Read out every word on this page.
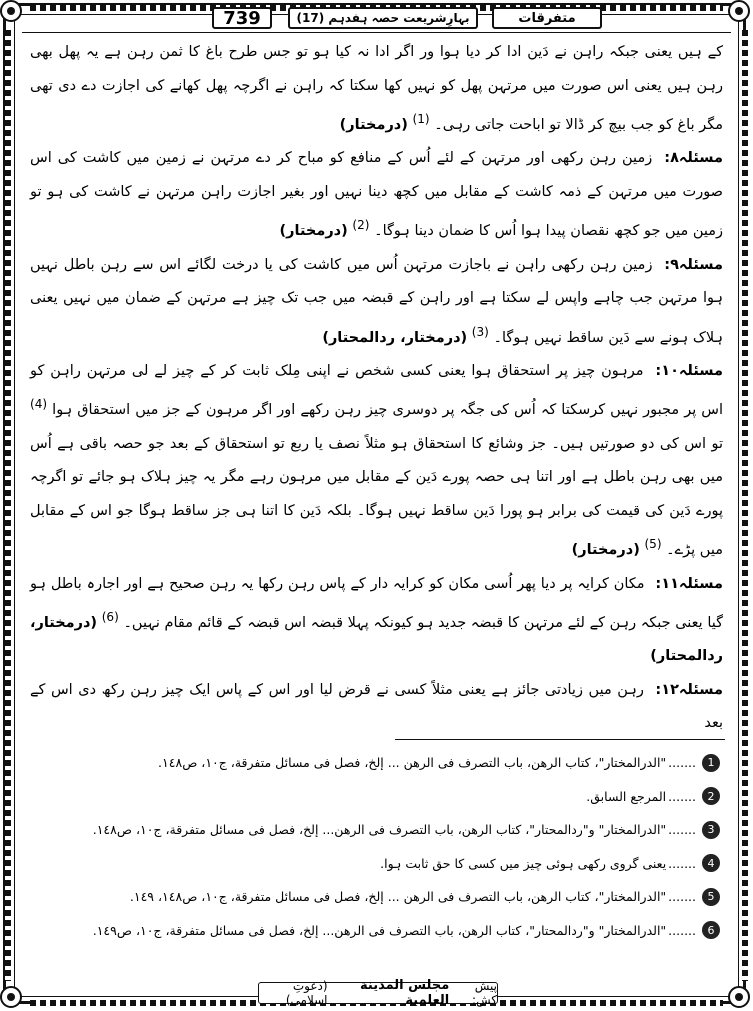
739	بہارِشریعت حصہ ہفدہم (17)	متفرقات

کے ہیں یعنی جبکہ راہن نے دَین ادا کر دیا ہوا ور اگر ادا نہ کیا ہو تو جس طرح باغ کا ثمن رہن ہے یہ پھل بھی رہن ہیں یعنی اس صورت میں مرتہن پھل کو نہیں کھا سکتا کہ راہن نے اگرچہ پھل کھانے کی اجازت دے دی تھی مگر باغ کو جب بیچ کر ڈالا تو اباحت جاتی رہی۔ $^{(1)}$ (درمختار)

مسئلہ۸: زمین رہن رکھی اور مرتہن کے لئے اُس کے منافع کو مباح کر دے مرتہن نے زمین میں کاشت کی اس صورت میں مرتہن کے ذمہ کاشت کے مقابل میں کچھ دینا نہیں اور بغیر اجازت راہن مرتہن نے کاشت کی ہو تو زمین میں جو کچھ نقصان پیدا ہوا اُس کا ضمان دینا ہوگا۔ $^{(2)}$ (درمختار)

مسئلہ۹: زمین رہن رکھی راہن نے باجازت مرتہن اُس میں کاشت کی یا درخت لگائے اس سے رہن باطل نہیں ہوا مرتہن جب چاہے واپس لے سکتا ہے اور راہن کے قبضہ میں جب تک چیز ہے مرتہن کے ضمان میں نہیں یعنی ہلاک ہونے سے دَین ساقط نہیں ہوگا۔ $^{(3)}$ (درمختار، ردالمحتار)

مسئلہ۱۰: مرہون چیز پر استحقاق ہوا یعنی کسی شخص نے اپنی مِلک ثابت کر کے چیز لے لی مرتہن راہن کو اس پر مجبور نہیں کرسکتا کہ اُس کی جگہ پر دوسری چیز رہن رکھے اور اگر مرہون کے جز میں استحقاق ہوا $^{(4)}$ تو اس کی دو صورتیں ہیں۔ جز وشائع کا استحقاق ہو مثلاً نصف یا ربع تو استحقاق کے بعد جو حصہ باقی ہے اُس میں بھی رہن باطل ہے اور اتنا ہی حصہ پورے دَین کے مقابل میں مرہون رہے مگر یہ چیز ہلاک ہو جائے تو اگرچہ پورے دَین کی قیمت کی برابر ہو پورا دَین ساقط نہیں ہوگا۔ بلکہ دَین کا اتنا ہی جز ساقط ہوگا جو اس کے مقابل میں پڑے۔ $^{(5)}$ (درمختار)

مسئلہ۱۱: مکان کرایہ پر دیا پھر اُسی مکان کو کرایہ دار کے پاس رہن رکھا یہ رہن صحیح ہے اور اجارہ باطل ہو گیا یعنی جبکہ رہن کے لئے مرتہن کا قبضہ جدید ہو کیونکہ پہلا قبضہ اس قبضہ کے قائم مقام نہیں۔ $^{(6)}$ (درمختار، ردالمحتار)

مسئلہ۱۲: رہن میں زیادتی جائز ہے یعنی مثلاً کسی نے قرض لیا اور اس کے پاس ایک چیز رہن رکھ دی اس کے بعد

1
.......
"الدرالمختار"، کتاب الرھن، باب التصرف فی الرھن ... إلخ، فصل فی مسائل متفرقة، ج۱۰، ص۱٤۸.
2
.......
المرجع السابق.
3
.......
"الدرالمختار" و"ردالمحتار"، کتاب الرھن، باب التصرف فی الرھن... إلخ، فصل فی مسائل متفرقة، ج۱۰، ص۱٤۸.
4
.......
یعنی گروی رکھی ہوئی چیز میں کسی کا حق ثابت ہوا.
5
.......
"الدرالمختار"، کتاب الرھن، باب التصرف فی الرھن ... إلخ، فصل فی مسائل متفرقة، ج۱۰، ص۱٤۸، ۱٤۹.
6
.......
"الدرالمختار" و"ردالمحتار"، کتاب الرھن، باب التصرف فی الرھن... إلخ، فصل فی مسائل متفرقة، ج۱۰، ص۱٤۹.
پیش کش:
مجلس المدينة العلمية
(دعوتِ اسلامی)
